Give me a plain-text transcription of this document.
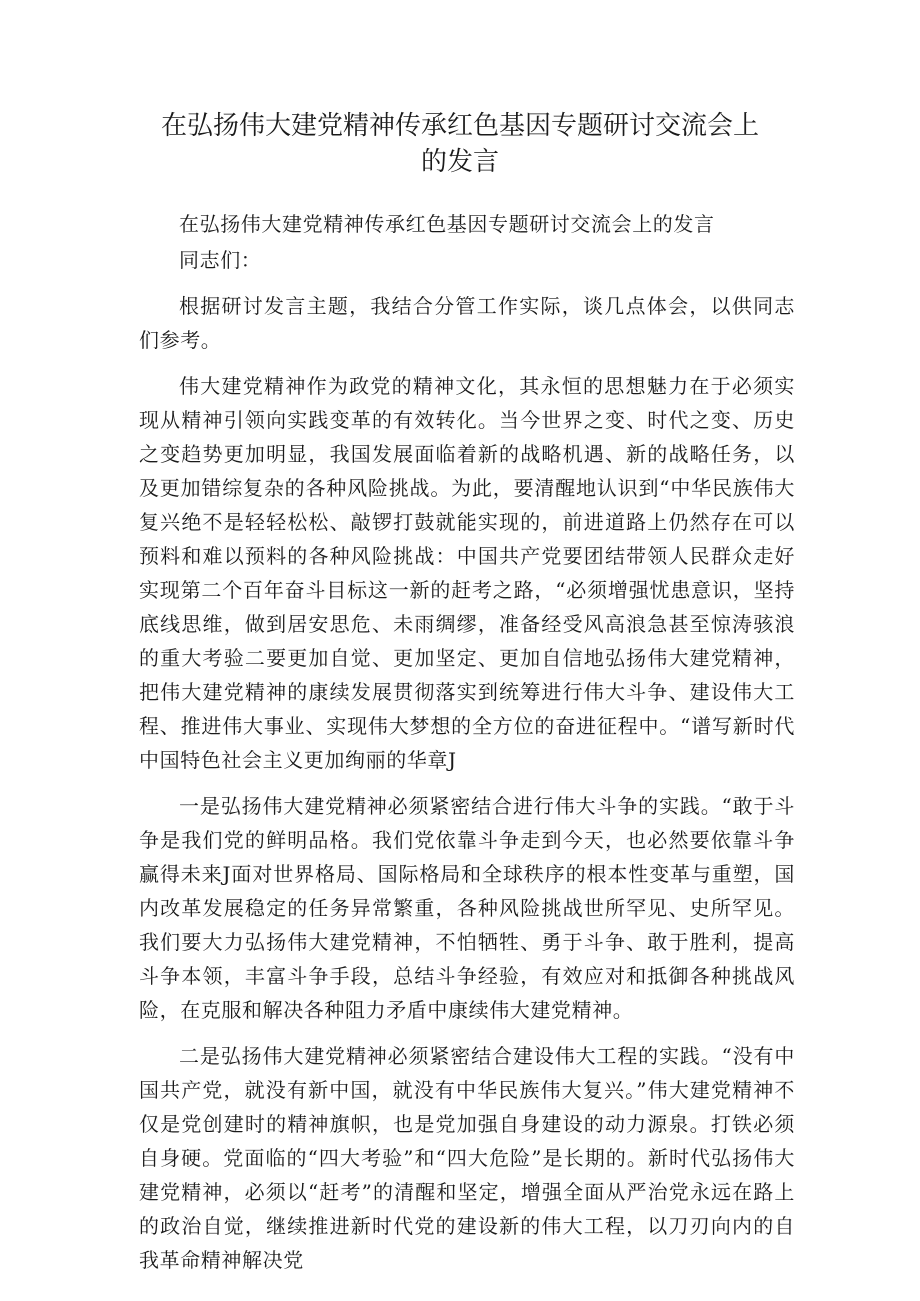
在弘扬伟大建党精神传承红色基因专题研讨交流会上
的发言

在弘扬伟大建党精神传承红色基因专题研讨交流会上的发言

同志们：

根据研讨发言主题，我结合分管工作实际，谈几点体会，以供同志们参考。

伟大建党精神作为政党的精神文化，其永恒的思想魅力在于必须实现从精神引领向实践变革的有效转化。当今世界之变、时代之变、历史之变趋势更加明显，我国发展面临着新的战略机遇、新的战略任务，以及更加错综复杂的各种风险挑战。为此，要清醒地认识到“中华民族伟大复兴绝不是轻轻松松、敲锣打鼓就能实现的，前进道路上仍然存在可以预料和难以预料的各种风险挑战：中国共产党要团结带领人民群众走好实现第二个百年奋斗目标这一新的赶考之路，“必须增强忧患意识，坚持底线思维，做到居安思危、未雨绸缪，准备经受风高浪急甚至惊涛骇浪的重大考验二要更加自觉、更加坚定、更加自信地弘扬伟大建党精神，把伟大建党精神的康续发展贯彻落实到统筹进行伟大斗争、建设伟大工程、推进伟大事业、实现伟大梦想的全方位的奋进征程中。“谱写新时代中国特色社会主义更加绚丽的华章J

一是弘扬伟大建党精神必须紧密结合进行伟大斗争的实践。“敢于斗争是我们党的鲜明品格。我们党依靠斗争走到今天，也必然要依靠斗争赢得未来J面对世界格局、国际格局和全球秩序的根本性变革与重塑，国内改革发展稳定的任务异常繁重，各种风险挑战世所罕见、史所罕见。我们要大力弘扬伟大建党精神，不怕牺牲、勇于斗争、敢于胜利，提高斗争本领，丰富斗争手段，总结斗争经验，有效应对和抵御各种挑战风险，在克服和解决各种阻力矛盾中康续伟大建党精神。

二是弘扬伟大建党精神必须紧密结合建设伟大工程的实践。“没有中国共产党，就没有新中国，就没有中华民族伟大复兴。”伟大建党精神不仅是党创建时的精神旗帜，也是党加强自身建设的动力源泉。打铁必须自身硬。党面临的“四大考验”和“四大危险”是长期的。新时代弘扬伟大建党精神，必须以“赶考”的清醒和坚定，增强全面从严治党永远在路上的政治自觉，继续推进新时代党的建设新的伟大工程，以刀刃向内的自我革命精神解决党
